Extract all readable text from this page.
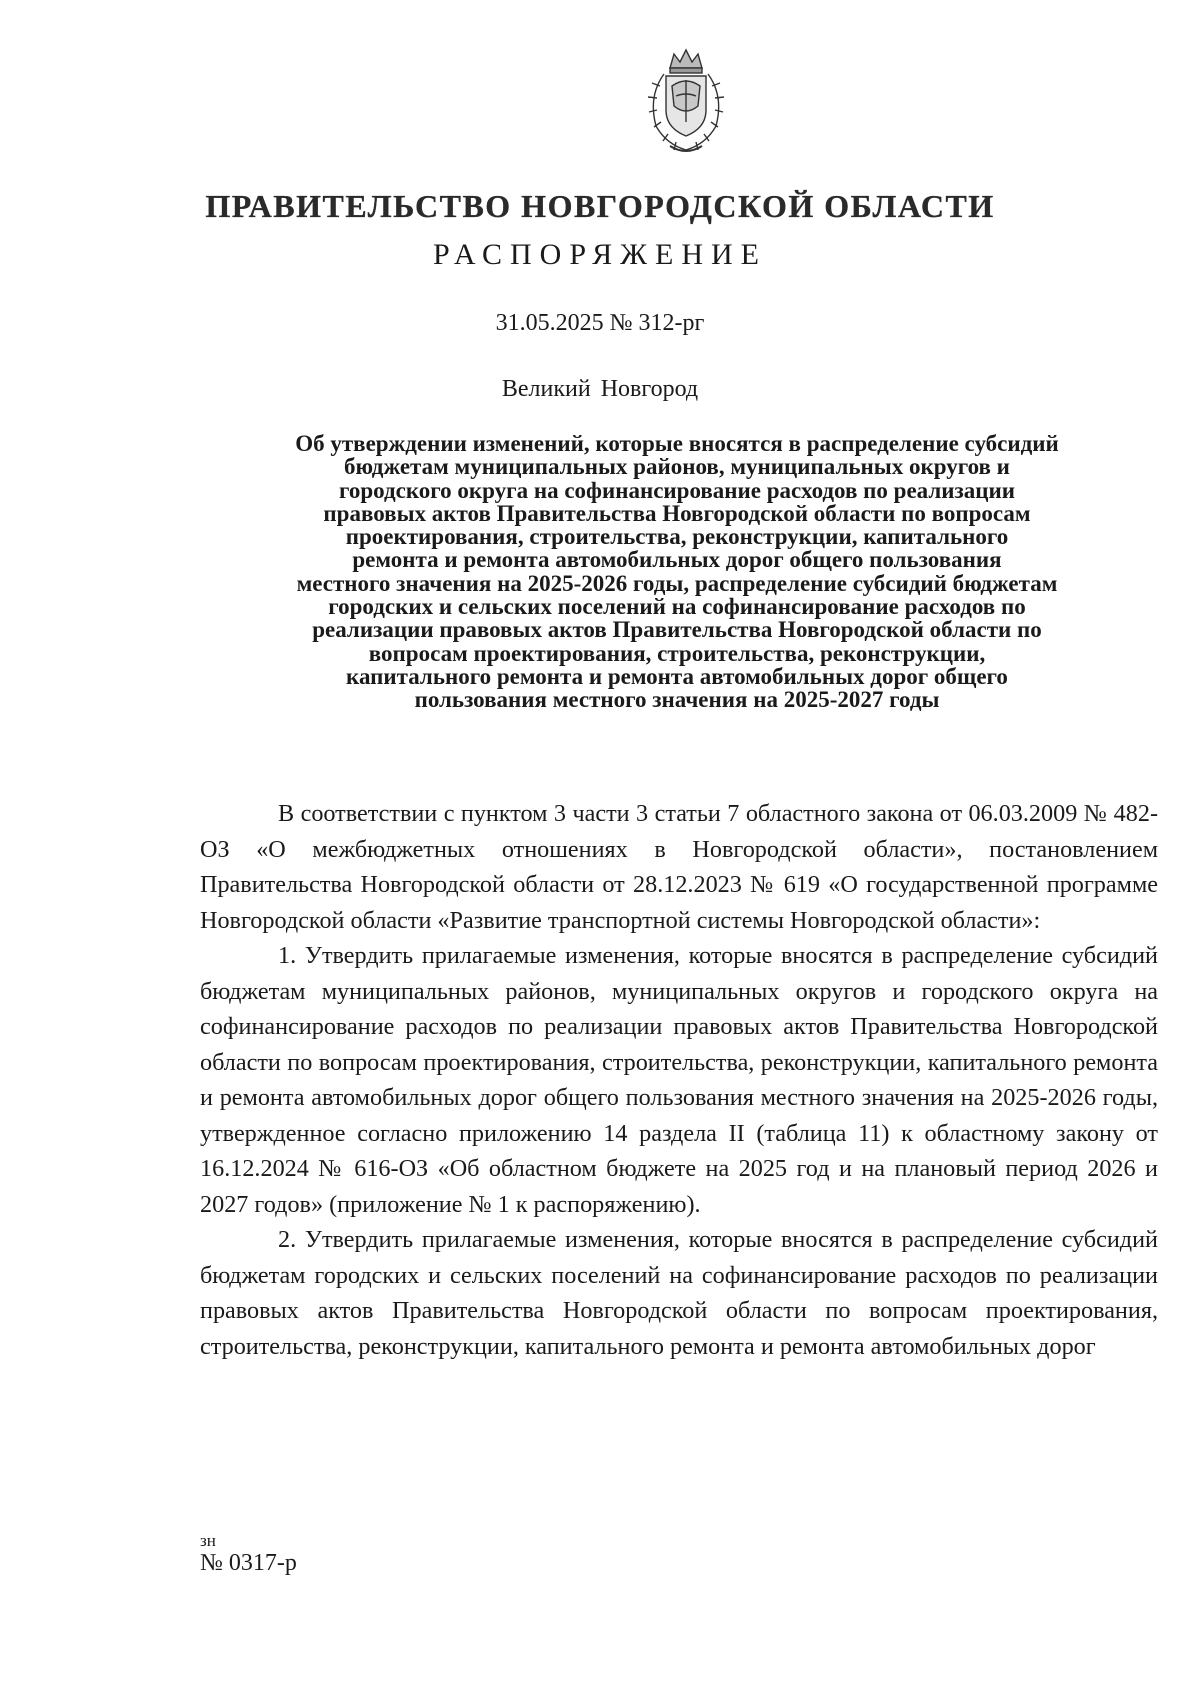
ПРАВИТЕЛЬСТВО НОВГОРОДСКОЙ ОБЛАСТИ
РАСПОРЯЖЕНИЕ
31.05.2025 № 312-рг
Великий Новгород
Об утверждении изменений, которые вносятся в распределение субсидий
бюджетам муниципальных районов, муниципальных округов и
городского округа на софинансирование расходов по реализации
правовых актов Правительства Новгородской области по вопросам
проектирования, строительства, реконструкции, капитального
ремонта и ремонта автомобильных дорог общего пользования
местного значения на 2025-2026 годы, распределение субсидий бюджетам
городских и сельских поселений на софинансирование расходов по
реализации правовых актов Правительства Новгородской области по
вопросам проектирования, строительства, реконструкции,
капитального ремонта и ремонта автомобильных дорог общего
пользования местного значения на 2025-2027 годы

В соответствии с пунктом 3 части 3 статьи 7 областного закона от 06.03.2009 № 482-ОЗ «О межбюджетных отношениях в Новгородской области», постановлением Правительства Новгородской области от 28.12.2023 № 619 «О государственной программе Новгородской области «Развитие транспортной системы Новгородской области»:

1. Утвердить прилагаемые изменения, которые вносятся в распределение субсидий бюджетам муниципальных районов, муниципальных округов и городского округа на софинансирование расходов по реализации правовых актов Правительства Новгородской области по вопросам проектирования, строительства, реконструкции, капитального ремонта и ремонта автомобильных дорог общего пользования местного значения на 2025-2026 годы, утвержденное согласно приложению 14 раздела II (таблица 11) к областному закону от 16.12.2024 № 616-ОЗ «Об областном бюджете на 2025 год и на плановый период 2026 и 2027 годов» (приложение № 1 к распоряжению).

2. Утвердить прилагаемые изменения, которые вносятся в распределение субсидий бюджетам городских и сельских поселений на софинансирование расходов по реализации правовых актов Правительства Новгородской области по вопросам проектирования, строительства, реконструкции, капитального ремонта и ремонта автомобильных дорог

зн
№ 0317-р
